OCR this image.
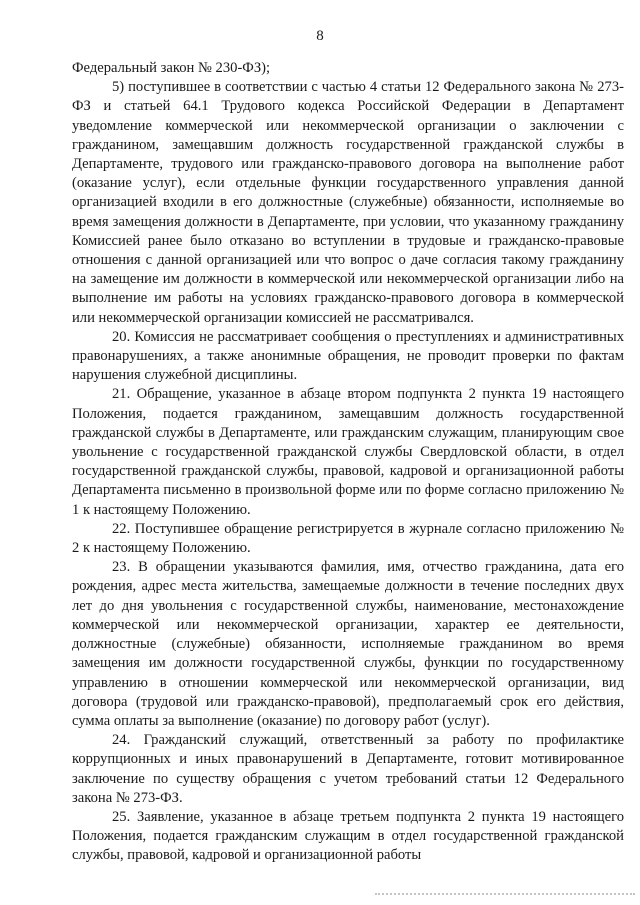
8

Федеральный закон № 230-ФЗ);

5) поступившее в соответствии с частью 4 статьи 12 Федерального закона № 273-ФЗ и статьей 64.1 Трудового кодекса Российской Федерации в Департамент уведомление коммерческой или некоммерческой организации о заключении с гражданином, замещавшим должность государственной гражданской службы в Департаменте, трудового или гражданско-правового договора на выполнение работ (оказание услуг), если отдельные функции государственного управления данной организацией входили в его должностные (служебные) обязанности, исполняемые во время замещения должности в Департаменте, при условии, что указанному гражданину Комиссией ранее было отказано во вступлении в трудовые и гражданско-правовые отношения с данной организацией или что вопрос о даче согласия такому гражданину на замещение им должности в коммерческой или некоммерческой организации либо на выполнение им работы на условиях гражданско-правового договора в коммерческой или некоммерческой организации комиссией не рассматривался.

20. Комиссия не рассматривает сообщения о преступлениях и административных правонарушениях, а также анонимные обращения, не проводит проверки по фактам нарушения служебной дисциплины.

21. Обращение, указанное в абзаце втором подпункта 2 пункта 19 настоящего Положения, подается гражданином, замещавшим должность государственной гражданской службы в Департаменте, или гражданским служащим, планирующим свое увольнение с государственной гражданской службы Свердловской области, в отдел государственной гражданской службы, правовой, кадровой и организационной работы Департамента письменно в произвольной форме или по форме согласно приложению № 1 к настоящему Положению.

22. Поступившее обращение регистрируется в журнале согласно приложению № 2 к настоящему Положению.

23. В обращении указываются фамилия, имя, отчество гражданина, дата его рождения, адрес места жительства, замещаемые должности в течение последних двух лет до дня увольнения с государственной службы, наименование, местонахождение коммерческой или некоммерческой организации, характер ее деятельности, должностные (служебные) обязанности, исполняемые гражданином во время замещения им должности государственной службы, функции по государственному управлению в отношении коммерческой или некоммерческой организации, вид договора (трудовой или гражданско-правовой), предполагаемый срок его действия, сумма оплаты за выполнение (оказание) по договору работ (услуг).

24. Гражданский служащий, ответственный за работу по профилактике коррупционных и иных правонарушений в Департаменте, готовит мотивированное заключение по существу обращения с учетом требований статьи 12 Федерального закона № 273-ФЗ.

25. Заявление, указанное в абзаце третьем подпункта 2 пункта 19 настоящего Положения, подается гражданским служащим в отдел государственной гражданской службы, правовой, кадровой и организационной работы
